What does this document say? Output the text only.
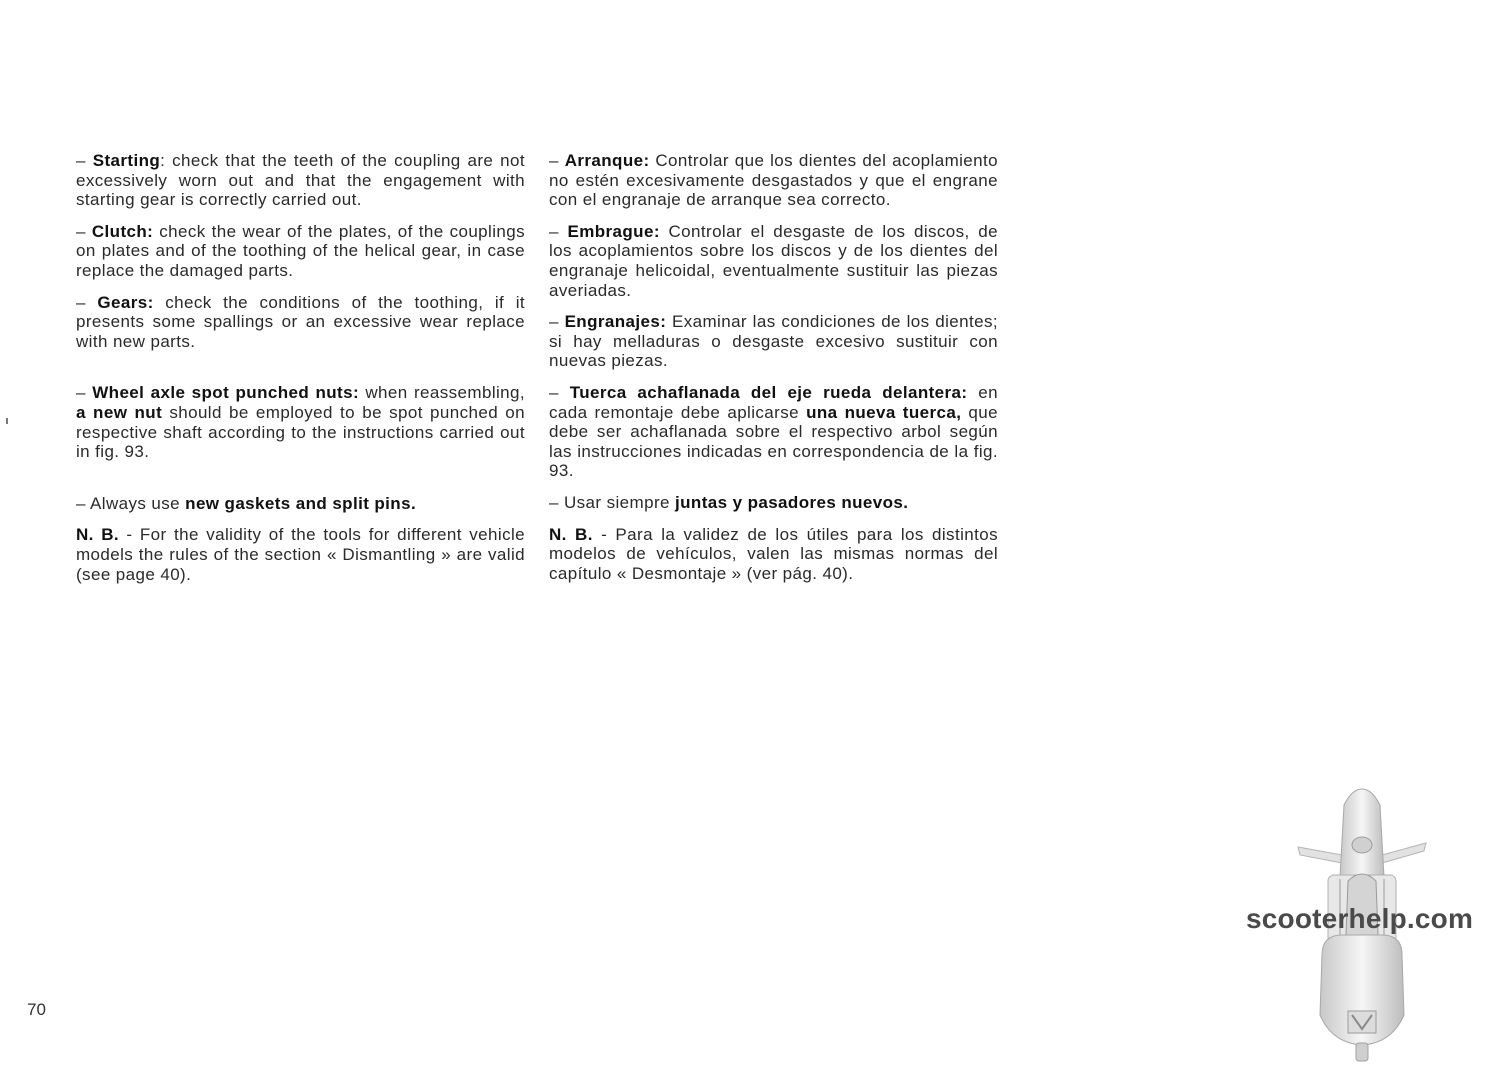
– Starting: check that the teeth of the coupling are not excessively worn out and that the engagement with starting gear is correctly carried out.

– Clutch: check the wear of the plates, of the couplings on plates and of the toothing of the helical gear, in case replace the damaged parts.

– Gears: check the conditions of the toothing, if it presents some spallings or an excessive wear replace with new parts.

– Wheel axle spot punched nuts: when reassembling, a new nut should be employed to be spot punched on respective shaft according to the instructions carried out in fig. 93.

– Always use new gaskets and split pins.

N. B. - For the validity of the tools for different vehicle models the rules of the section « Dismantling » are valid (see page 40).

– Arranque: Controlar que los dientes del acoplamiento no estén excesivamente desgastados y que el engrane con el engranaje de arranque sea correcto.

– Embrague: Controlar el desgaste de los discos, de los acoplamientos sobre los discos y de los dientes del engranaje helicoidal, eventualmente sustituir las piezas averiadas.

– Engranajes: Examinar las condiciones de los dientes; si hay melladuras o desgaste excesivo sustituir con nuevas piezas.

– Tuerca achaflanada del eje rueda delantera: en cada remontaje debe aplicarse una nueva tuerca, que debe ser achaflanada sobre el respectivo arbol según las instrucciones indicadas en correspondencia de la fig. 93.

– Usar siempre juntas y pasadores nuevos.

N. B. - Para la validez de los útiles para los distintos modelos de vehículos, valen las mismas normas del capítulo « Desmontaje » (ver pág. 40).

70
scooterhelp.com
